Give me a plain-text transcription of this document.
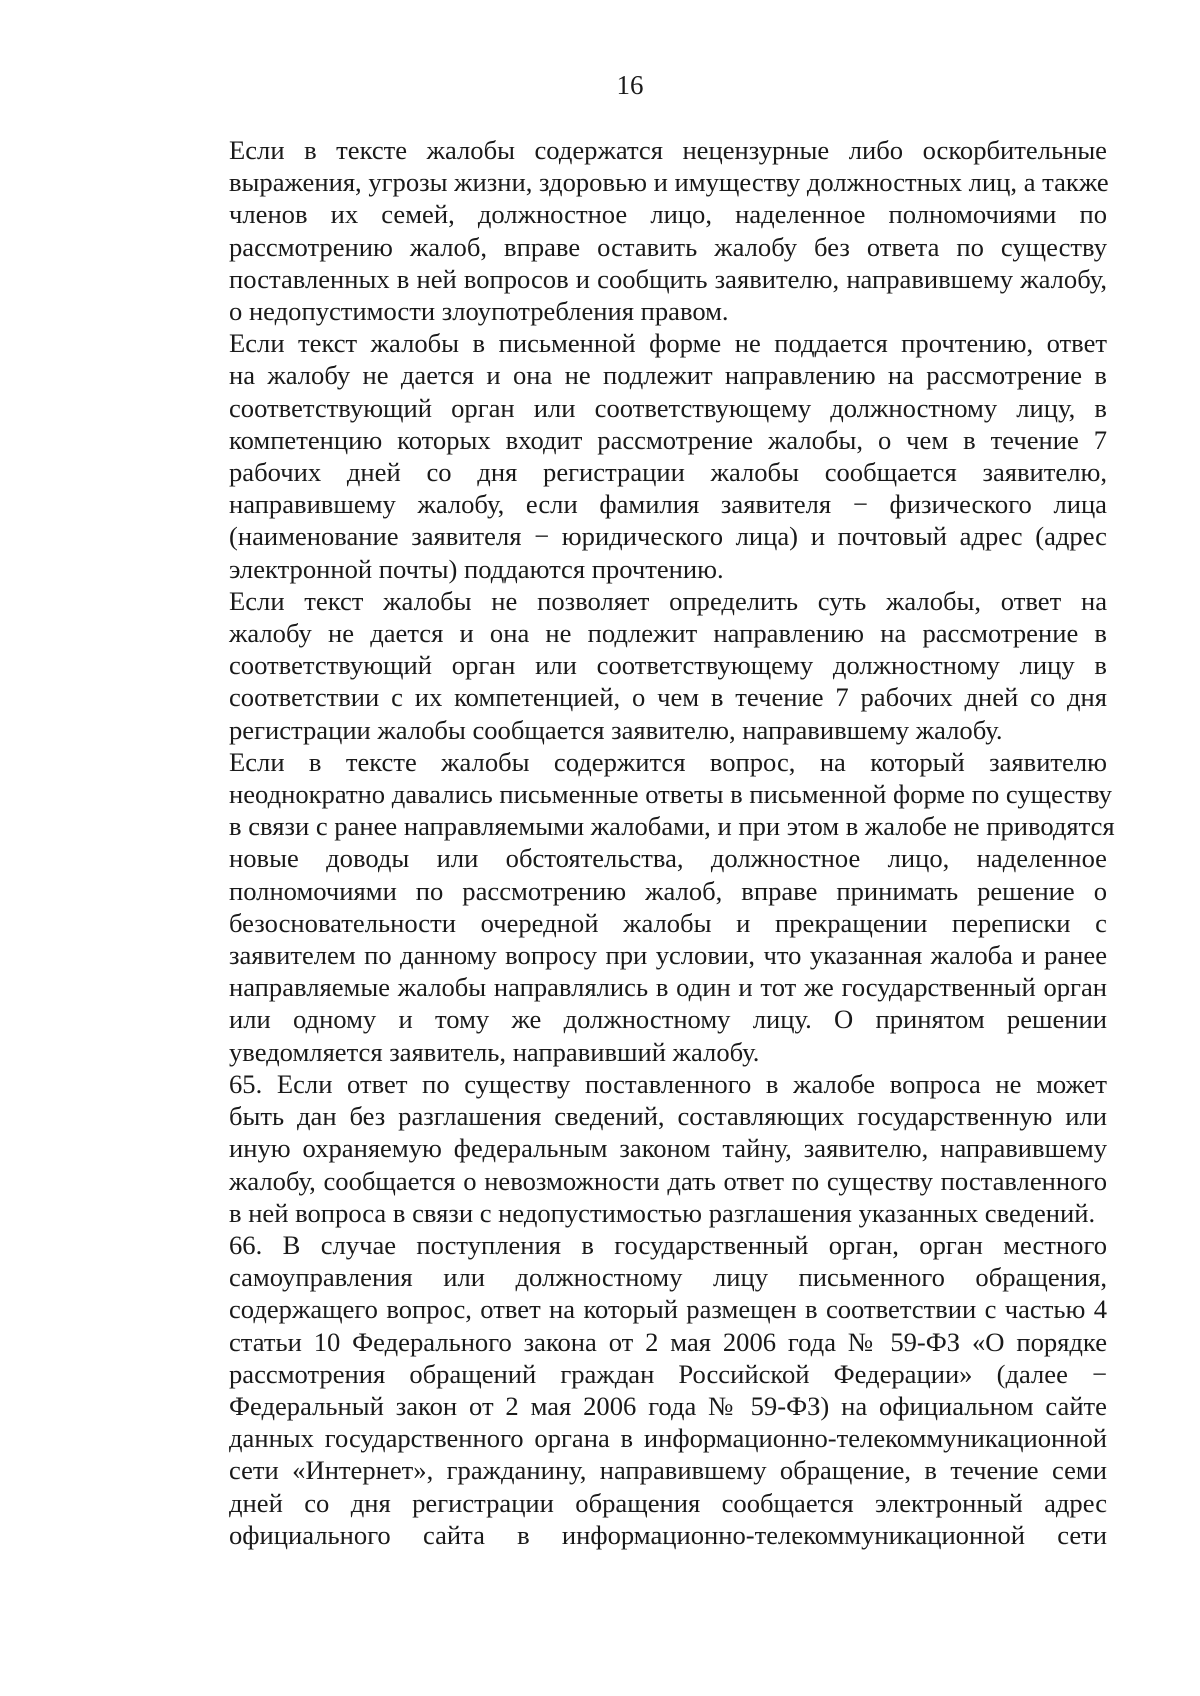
16

Если в тексте жалобы содержатся нецензурные либо оскорбительные
выражения, угрозы жизни, здоровью и имуществу должностных лиц, а также
членов их семей, должностное лицо, наделенное полномочиями по
рассмотрению жалоб, вправе оставить жалобу без ответа по существу
поставленных в ней вопросов и сообщить заявителю, направившему жалобу,
о недопустимости злоупотребления правом.

Если текст жалобы в письменной форме не поддается прочтению, ответ
на жалобу не дается и она не подлежит направлению на рассмотрение в
соответствующий орган или соответствующему должностному лицу, в
компетенцию которых входит рассмотрение жалобы, о чем в течение 7
рабочих дней со дня регистрации жалобы сообщается заявителю,
направившему жалобу, если фамилия заявителя − физического лица
(наименование заявителя − юридического лица) и почтовый адрес (адрес
электронной почты) поддаются прочтению.

Если текст жалобы не позволяет определить суть жалобы, ответ на
жалобу не дается и она не подлежит направлению на рассмотрение в
соответствующий орган или соответствующему должностному лицу в
соответствии с их компетенцией, о чем в течение 7 рабочих дней со дня
регистрации жалобы сообщается заявителю, направившему жалобу.

Если в тексте жалобы содержится вопрос, на который заявителю
неоднократно давались письменные ответы в письменной форме по существу
в связи с ранее направляемыми жалобами, и при этом в жалобе не приводятся
новые доводы или обстоятельства, должностное лицо, наделенное
полномочиями по рассмотрению жалоб, вправе принимать решение о
безосновательности очередной жалобы и прекращении переписки с
заявителем по данному вопросу при условии, что указанная жалоба и ранее
направляемые жалобы направлялись в один и тот же государственный орган
или одному и тому же должностному лицу. О принятом решении
уведомляется заявитель, направивший жалобу.

65. Если ответ по существу поставленного в жалобе вопроса не может
быть дан без разглашения сведений, составляющих государственную или
иную охраняемую федеральным законом тайну, заявителю, направившему
жалобу, сообщается о невозможности дать ответ по существу поставленного
в ней вопроса в связи с недопустимостью разглашения указанных сведений.

66. В случае поступления в государственный орган, орган местного
самоуправления или должностному лицу письменного обращения,
содержащего вопрос, ответ на который размещен в соответствии с частью 4
статьи 10 Федерального закона от 2 мая 2006 года № 59-ФЗ «О порядке
рассмотрения обращений граждан Российской Федерации» (далее −
Федеральный закон от 2 мая 2006 года № 59-ФЗ) на официальном сайте
данных государственного органа в информационно-телекоммуникационной
сети «Интернет», гражданину, направившему обращение, в течение семи
дней со дня регистрации обращения сообщается электронный адрес
официального сайта в информационно-телекоммуникационной сети
